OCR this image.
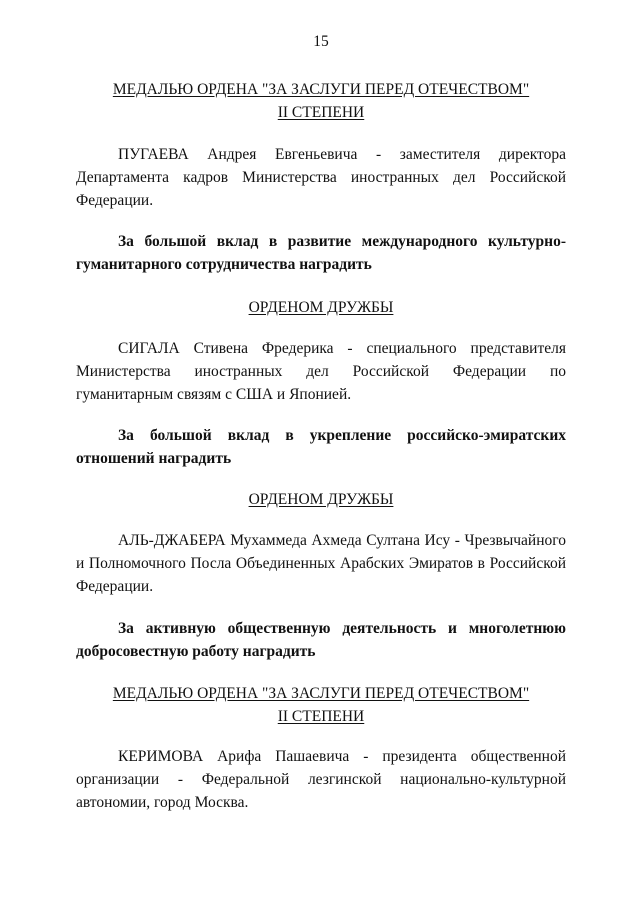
15
МЕДАЛЬЮ ОРДЕНА "ЗА ЗАСЛУГИ ПЕРЕД ОТЕЧЕСТВОМ"
II СТЕПЕНИ

ПУГАЕВА Андрея Евгеньевича - заместителя директора Департамента кадров Министерства иностранных дел Российской Федерации.

За большой вклад в развитие международного культурно-гуманитарного сотрудничества наградить

ОРДЕНОМ ДРУЖБЫ

СИГАЛА Стивена Фредерика - специального представителя Министерства иностранных дел Российской Федерации по гуманитарным связям с США и Японией.

За большой вклад в укрепление российско-эмиратских отношений наградить

ОРДЕНОМ ДРУЖБЫ

АЛЬ-ДЖАБЕРА Мухаммеда Ахмеда Султана Ису - Чрезвычайного и Полномочного Посла Объединенных Арабских Эмиратов в Российской Федерации.

За активную общественную деятельность и многолетнюю добросовестную работу наградить

МЕДАЛЬЮ ОРДЕНА "ЗА ЗАСЛУГИ ПЕРЕД ОТЕЧЕСТВОМ"
II СТЕПЕНИ

КЕРИМОВА Арифа Пашаевича - президента общественной организации - Федеральной лезгинской национально-культурной автономии, город Москва.
